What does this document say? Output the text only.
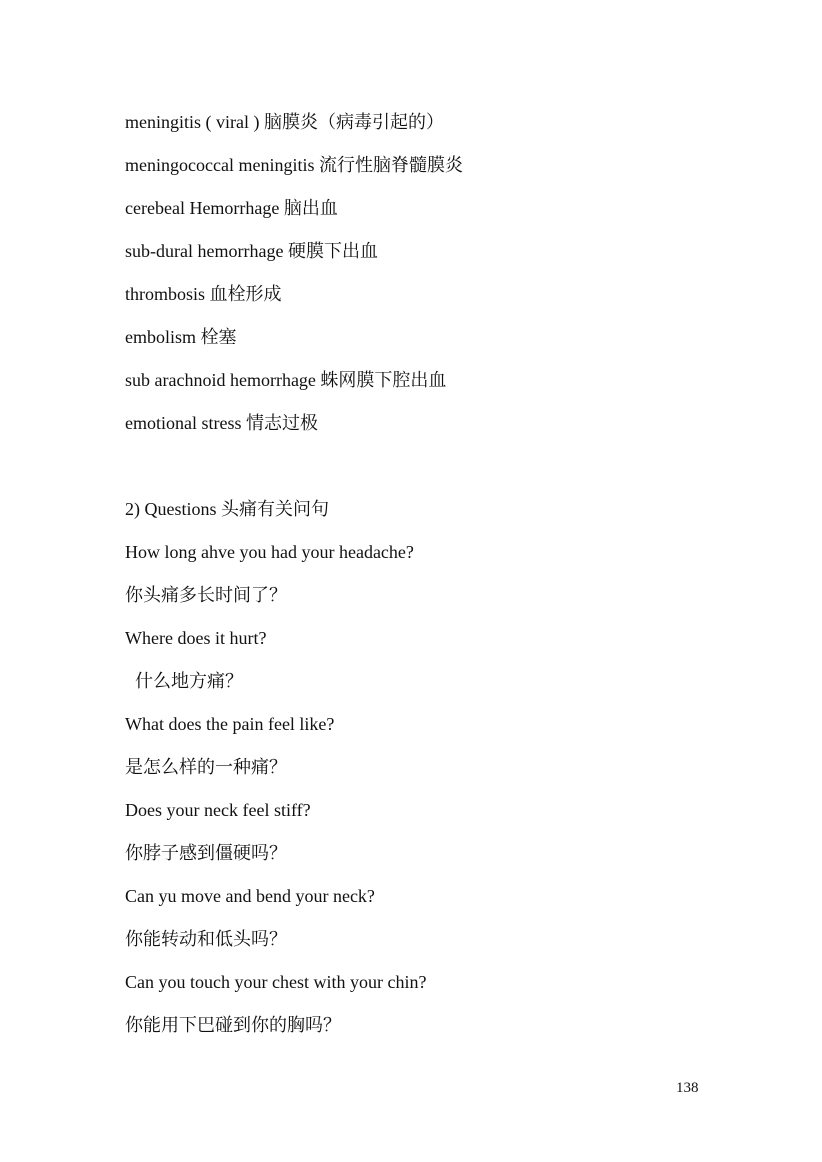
meningitis ( viral ) 脑膜炎（病毒引起的）
meningococcal meningitis 流行性脑脊髓膜炎
cerebeal Hemorrhage 脑出血
sub-dural hemorrhage 硬膜下出血
thrombosis 血栓形成
embolism 栓塞
sub arachnoid hemorrhage 蛛网膜下腔出血
emotional stress 情志过极
2) Questions 头痛有关问句
How long ahve you had your headache?
你头痛多长时间了？
Where does it hurt?
什么地方痛？
What does the pain feel like?
是怎么样的一种痛？
Does your neck feel stiff?
你脖子感到僵硬吗？
Can yu move and bend your neck?
你能转动和低头吗？
Can you touch your chest with your chin?
你能用下巴碰到你的胸吗？
138
